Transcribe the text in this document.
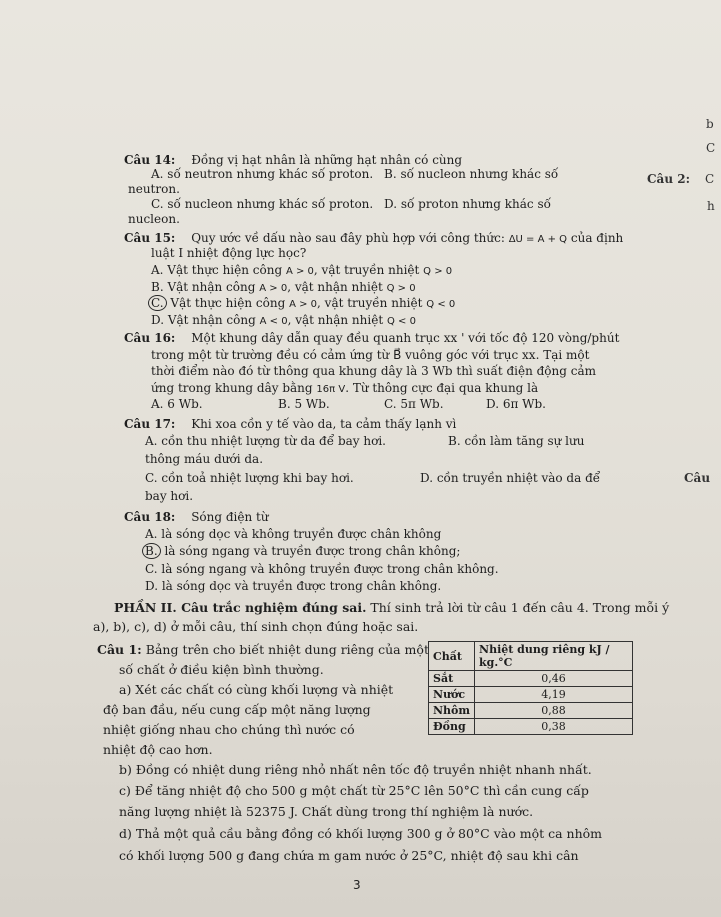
b
C
Câu 2: C
h
Câu
Câu 14: Đồng vị hạt nhân là những hạt nhân có cùng
A. số neutron nhưng khác số proton. B. số nucleon nhưng khác số
neutron.
C. số nucleon nhưng khác số proton. D. số proton nhưng khác số
nucleon.
Câu 15: Quy ước về dấu nào sau đây phù hợp với công thức: ΔU = A + Q của định
luật I nhiệt động lực học?
A. Vật thực hiện công A > 0, vật truyền nhiệt Q > 0
B. Vật nhận công A > 0, vật nhận nhiệt Q > 0
C. Vật thực hiện công A > 0, vật truyền nhiệt Q < 0
D. Vật nhận công A < 0, vật nhận nhiệt Q < 0
Câu 16: Một khung dây dẫn quay đều quanh trục xx ' với tốc độ 120 vòng/phút
trong một từ trường đều có cảm ứng từ B⃗ vuông góc với trục xx. Tại một
thời điểm nào đó từ thông qua khung dây là 3 Wb thì suất điện động cảm
ứng trong khung dây bằng 16π V. Từ thông cực đại qua khung là
A. 6 Wb.	B. 5 Wb.	C. 5π Wb.	D. 6π Wb.
Câu 17: Khi xoa cồn y tế vào da, ta cảm thấy lạnh vì
A. cồn thu nhiệt lượng từ da để bay hơi.	B. cồn làm tăng sự lưu
thông máu dưới da.
C. cồn toả nhiệt lượng khi bay hơi.	D. cồn truyền nhiệt vào da để
bay hơi.
Câu 18: Sóng điện từ
A. là sóng dọc và không truyền được chân không
B. là sóng ngang và truyền được trong chân không;
C. là sóng ngang và không truyền được trong chân không.
D. là sóng dọc và truyền được trong chân không.
PHẦN II. Câu trắc nghiệm đúng sai. Thí sinh trả lời từ câu 1 đến câu 4. Trong mỗi ý
a), b), c), d) ở mỗi câu, thí sinh chọn đúng hoặc sai.
Câu 1: Bảng trên cho biết nhiệt dung riêng của một
số chất ở điều kiện bình thường.
a) Xét các chất có cùng khối lượng và nhiệt
độ ban đầu, nếu cung cấp một năng lượng
nhiệt giống nhau cho chúng thì nước có
nhiệt độ cao hơn.
b) Đồng có nhiệt dung riêng nhỏ nhất nên tốc độ truyền nhiệt nhanh nhất.
c) Để tăng nhiệt độ cho 500 g một chất từ 25°C lên 50°C thì cần cung cấp
năng lượng nhiệt là 52375 J. Chất dùng trong thí nghiệm là nước.
d) Thả một quả cầu bằng đồng có khối lượng 300 g ở 80°C vào một ca nhôm
có khối lượng 500 g đang chứa m gam nước ở 25°C, nhiệt độ sau khi cân
Chất	Nhiệt dung riêng kJ / kg.°C
Sắt	0,46
Nước	4,19
Nhôm	0,88
Đồng	0,38
3
